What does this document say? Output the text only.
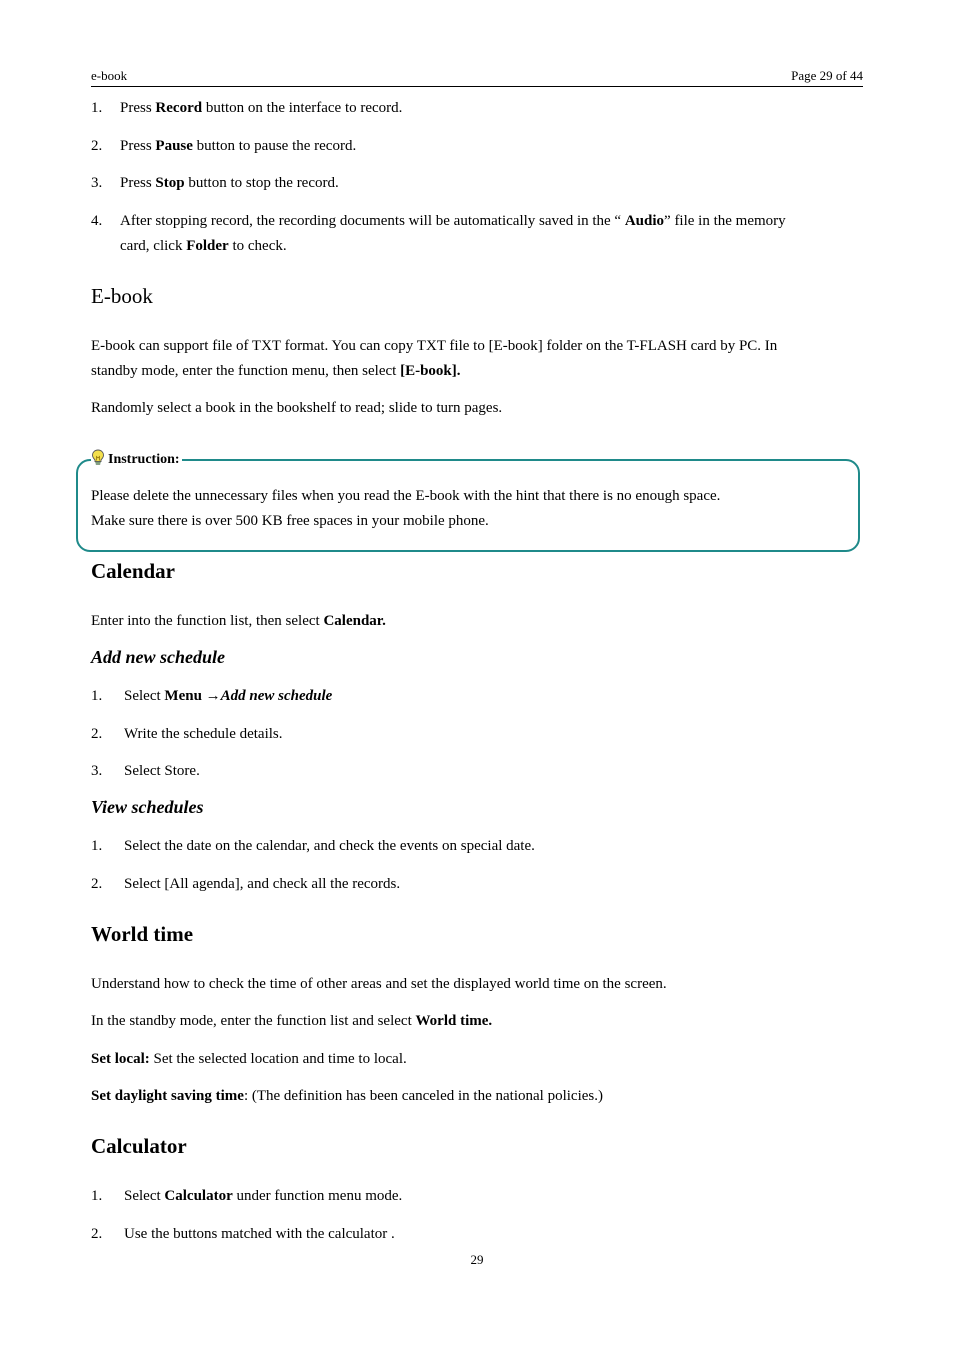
e-book	Page 29 of 44
1. Press Record button on the interface to record.
2. Press Pause button to pause the record.
3. Press Stop button to stop the record.
4. After stopping record, the recording documents will be automatically saved in the “ Audio” file in the memory
card, click Folder to check.
E-book
E-book can support file of TXT format. You can copy TXT file to [E-book] folder on the T-FLASH card by PC. In
standby mode, enter the function menu, then select [E-book].
Randomly select a book in the bookshelf to read; slide to turn pages.
Instruction:
Please delete the unnecessary files when you read the E-book with the hint that there is no enough space.
Make sure there is over 500 KB free spaces in your mobile phone.
Calendar
Enter into the function list, then select Calendar.
Add new schedule
1. Select Menu →Add new schedule
2. Write the schedule details.
3. Select Store.
View schedules
1. Select the date on the calendar, and check the events on special date.
2. Select [All agenda], and check all the records.
World time
Understand how to check the time of other areas and set the displayed world time on the screen.
In the standby mode, enter the function list and select World time.
Set local: Set the selected location and time to local.
Set daylight saving time: (The definition has been canceled in the national policies.)
Calculator
1. Select Calculator under function menu mode.
2. Use the buttons matched with the calculator .
29
